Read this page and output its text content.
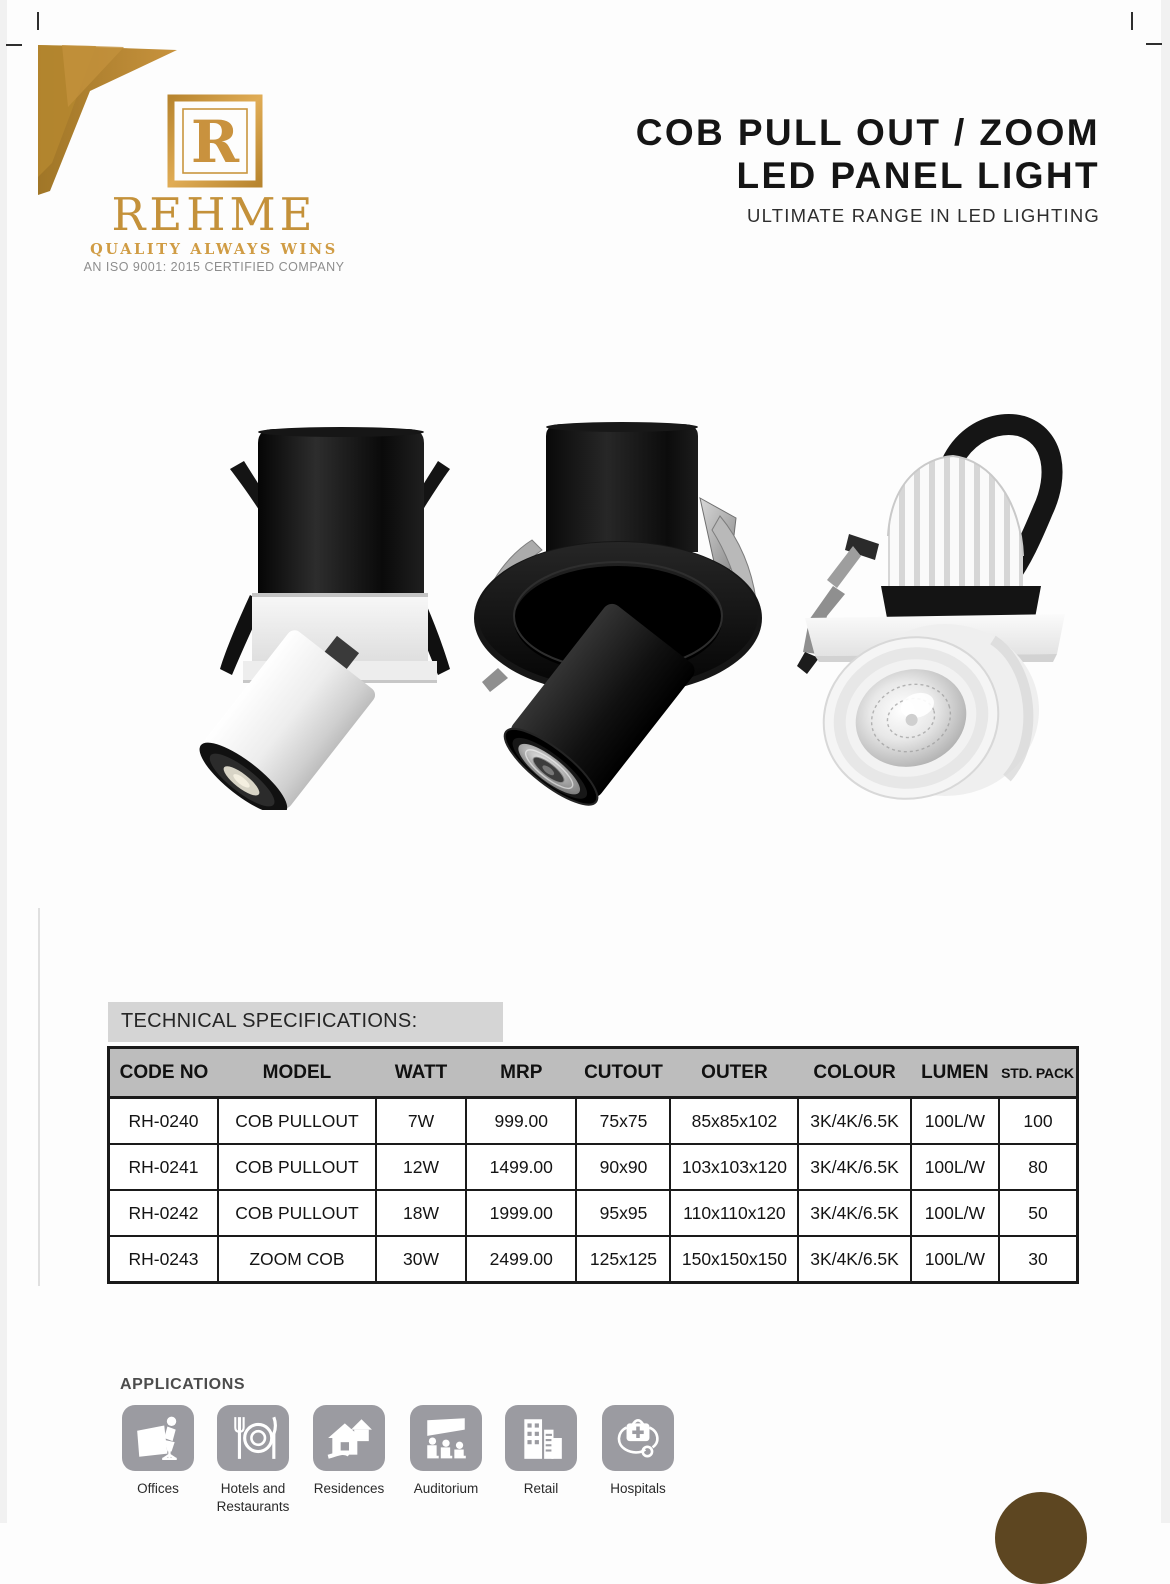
R
REHME
QUALITY ALWAYS WINS
AN ISO 9001: 2015 CERTIFIED COMPANY
COB PULL OUT / ZOOM
LED PANEL LIGHT
ULTIMATE RANGE IN LED LIGHTING
TECHNICAL SPECIFICATIONS:
CODE NO	MODEL	WATT	MRP	CUTOUT	OUTER	COLOUR	LUMEN	STD. PACK
RH-0240	COB PULLOUT	7W	999.00	75x75	85x85x102	3K/4K/6.5K	100L/W	100
RH-0241	COB PULLOUT	12W	1499.00	90x90	103x103x120	3K/4K/6.5K	100L/W	80
RH-0242	COB PULLOUT	18W	1999.00	95x95	110x110x120	3K/4K/6.5K	100L/W	50
RH-0243	ZOOM COB	30W	2499.00	125x125	150x150x150	3K/4K/6.5K	100L/W	30
APPLICATIONS
Offices	Hotels and Restaurants
Residences	Auditorium	Retail	Hospitals
